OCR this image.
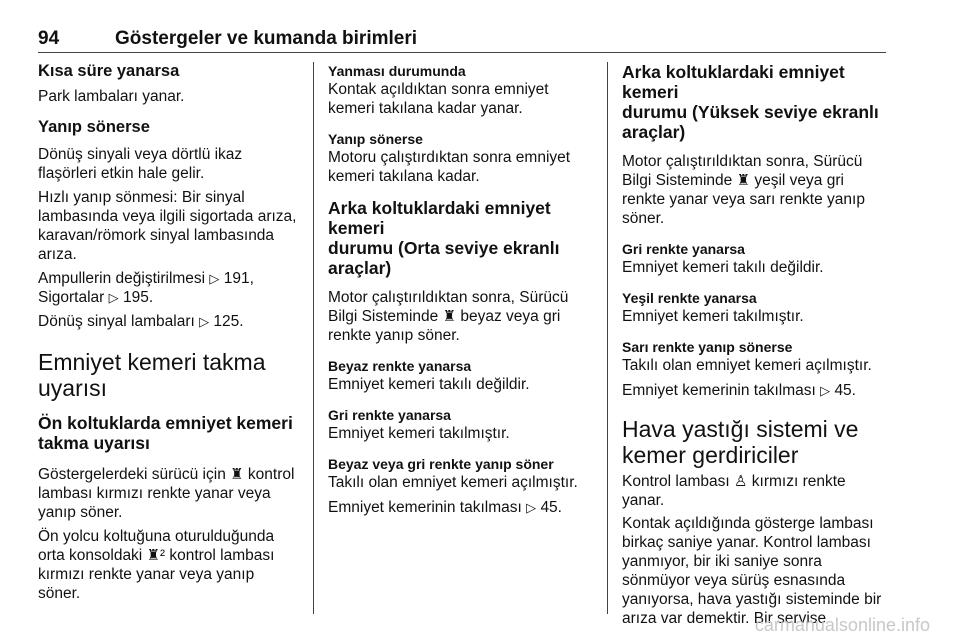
94	Göstergeler ve kumanda birimleri

Kısa süre yanarsa

Park lambaları yanar.

Yanıp sönerse

Dönüş sinyali veya dörtlü ikaz

flaşörleri etkin hale gelir.

Hızlı yanıp sönmesi: Bir sinyal

lambasında veya ilgili sigortada arıza,

karavan/römork sinyal lambasında

arıza.

Ampullerin değiştirilmesi ▷ 191,

Sigortalar ▷ 195.

Dönüş sinyal lambaları ▷ 125.

Emniyet kemeri takma

uyarısı

Ön koltuklarda emniyet kemeri

takma uyarısı

Göstergelerdeki sürücü için ♜ kontrol

lambası kırmızı renkte yanar veya

yanıp söner.

Ön yolcu koltuğuna oturulduğunda

orta konsoldaki ♜² kontrol lambası

kırmızı renkte yanar veya yanıp

söner.

Yanması durumunda

Kontak açıldıktan sonra emniyet

kemeri takılana kadar yanar.

Yanıp sönerse

Motoru çalıştırdıktan sonra emniyet

kemeri takılana kadar.

Arka koltuklardaki emniyet kemeri

durumu (Orta seviye ekranlı

araçlar)

Motor çalıştırıldıktan sonra, Sürücü

Bilgi Sisteminde ♜ beyaz veya gri

renkte yanıp söner.

Beyaz renkte yanarsa

Emniyet kemeri takılı değildir.

Gri renkte yanarsa

Emniyet kemeri takılmıştır.

Beyaz veya gri renkte yanıp söner

Takılı olan emniyet kemeri açılmıştır.

Emniyet kemerinin takılması ▷ 45.

Arka koltuklardaki emniyet kemeri

durumu (Yüksek seviye ekranlı

araçlar)

Motor çalıştırıldıktan sonra, Sürücü

Bilgi Sisteminde ♜ yeşil veya gri

renkte yanar veya sarı renkte yanıp

söner.

Gri renkte yanarsa

Emniyet kemeri takılı değildir.

Yeşil renkte yanarsa

Emniyet kemeri takılmıştır.

Sarı renkte yanıp sönerse

Takılı olan emniyet kemeri açılmıştır.

Emniyet kemerinin takılması ▷ 45.

Hava yastığı sistemi ve

kemer gerdiriciler

Kontrol lambası ♙ kırmızı renkte

yanar.

Kontak açıldığında gösterge lambası

birkaç saniye yanar. Kontrol lambası

yanmıyor, bir iki saniye sonra

sönmüyor veya sürüş esnasında

yanıyorsa, hava yastığı sisteminde bir

arıza var demektir. Bir servise

carmanualsonline.info
